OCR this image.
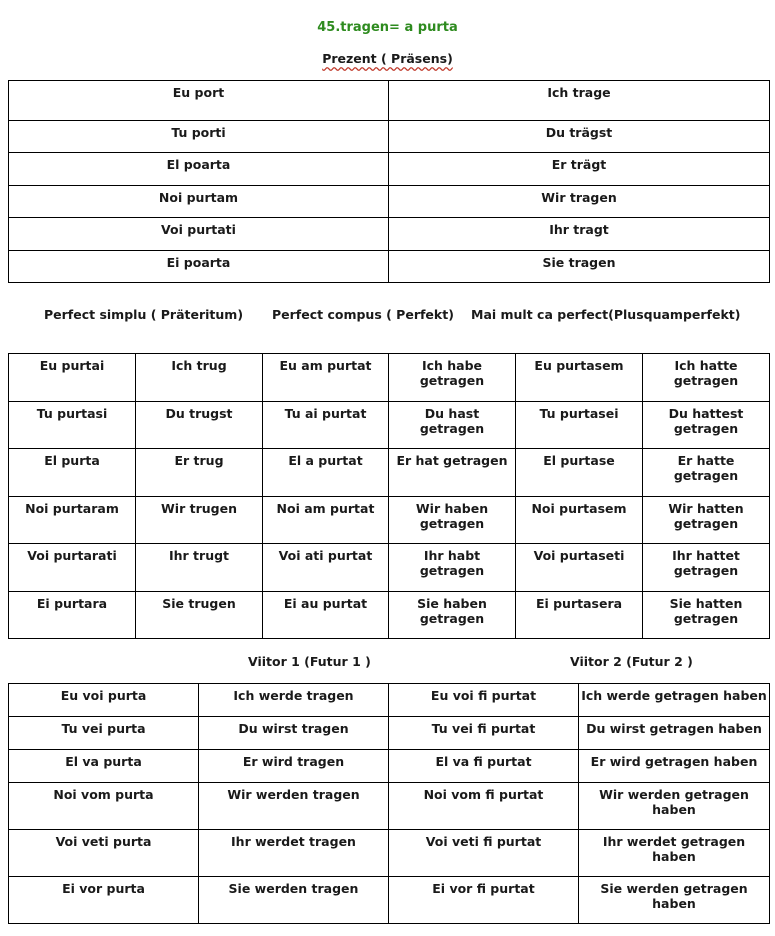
45.tragen= a purta
Prezent ( Präsens)
Eu port	Ich trage
Tu porti	Du trägst
El poarta	Er trägt
Noi purtam	Wir tragen
Voi purtati	Ihr tragt
Ei poarta	Sie tragen
Perfect simplu ( Präteritum) Perfect compus ( Perfekt) Mai mult ca perfect(Plusquamperfekt)
Eu purtai	Ich trug	Eu am purtat	Ich habe getragen	Eu purtasem	Ich hatte getragen
Tu purtasi	Du trugst	Tu ai purtat	Du hast getragen	Tu purtasei	Du hattest getragen
El purta	Er trug	El a purtat	Er hat getragen	El purtase	Er hatte getragen
Noi purtaram	Wir trugen	Noi am purtat	Wir haben getragen	Noi purtasem	Wir hatten getragen
Voi purtarati	Ihr trugt	Voi ati purtat	Ihr habt getragen	Voi purtaseti	Ihr hattet getragen
Ei purtara	Sie trugen	Ei au purtat	Sie haben getragen	Ei purtasera	Sie hatten getragen
Viitor 1 (Futur 1 )	Viitor 2 (Futur 2 )
Eu voi purta	Ich werde tragen	Eu voi fi purtat	Ich werde getragen haben
Tu vei purta	Du wirst tragen	Tu vei fi purtat	Du wirst getragen haben
El va purta	Er wird tragen	El va fi purtat	Er wird getragen haben
Noi vom purta	Wir werden tragen	Noi vom fi purtat	Wir werden getragen haben
Voi veti purta	Ihr werdet tragen	Voi veti fi purtat	Ihr werdet getragen haben
Ei vor purta	Sie werden tragen	Ei vor fi purtat	Sie werden getragen haben
